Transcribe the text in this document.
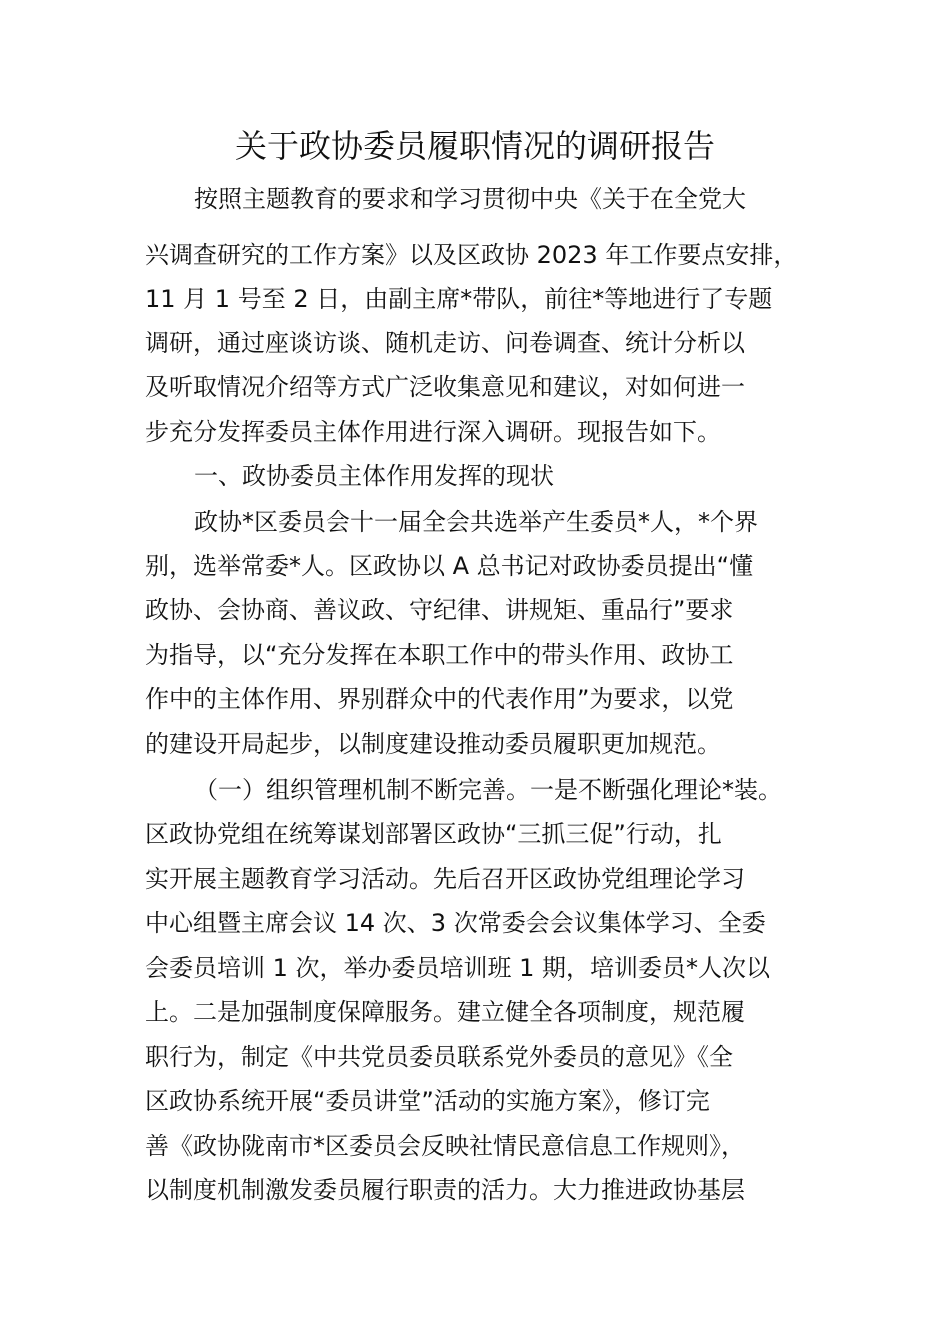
关于政协委员履职情况的调研报告
按照主题教育的要求和学习贯彻中央《关于在全党大
兴调查研究的工作方案》以及区政协 2023 年工作要点安排，
11 月 1 号至 2 日，由副主席*带队，前往*等地进行了专题
调研，通过座谈访谈、随机走访、问卷调查、统计分析以
及听取情况介绍等方式广泛收集意见和建议，对如何进一
步充分发挥委员主体作用进行深入调研。现报告如下。
一、政协委员主体作用发挥的现状
政协*区委员会十一届全会共选举产生委员*人，*个界
别，选举常委*人。区政协以 A 总书记对政协委员提出“懂
政协、会协商、善议政、守纪律、讲规矩、重品行”要求
为指导，以“充分发挥在本职工作中的带头作用、政协工
作中的主体作用、界别群众中的代表作用”为要求，以党
的建设开局起步，以制度建设推动委员履职更加规范。
（一）组织管理机制不断完善。一是不断强化理论*装。
区政协党组在统筹谋划部署区政协“三抓三促”行动，扎
实开展主题教育学习活动。先后召开区政协党组理论学习
中心组暨主席会议 14 次、3 次常委会会议集体学习、全委
会委员培训 1 次，举办委员培训班 1 期，培训委员*人次以
上。二是加强制度保障服务。建立健全各项制度，规范履
职行为，制定《中共党员委员联系党外委员的意见》《全
区政协系统开展“委员讲堂”活动的实施方案》，修订完
善《政协陇南市*区委员会反映社情民意信息工作规则》，
以制度机制激发委员履行职责的活力。大力推进政协基层
